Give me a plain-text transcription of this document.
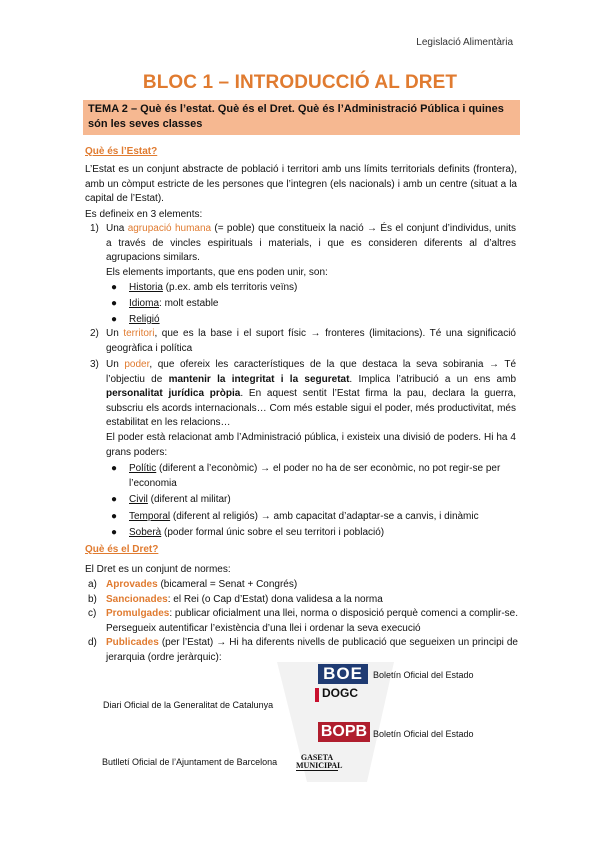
Legislació Alimentària
BLOC 1 – INTRODUCCIÓ AL DRET
TEMA 2 – Què és l’estat. Què és el Dret. Què és l’Administració Pública i quines són les seves classes
Què és l’Estat?
L’Estat es un conjunt abstracte de població i territori amb uns límits territorials definits (frontera), amb un còmput estricte de les persones que l’integren (els nacionals) i amb un centre (situat a la capital de l’Estat).
Es defineix en 3 elements:
1) Una agrupació humana (= poble) que constitueix la nació → És el conjunt d’individus, units a través de vincles espirituals i materials, i que es consideren diferents al d’altres agrupacions similars.
Els elements importants, que ens poden unir, son:
● Historia (p.ex. amb els territoris veïns)
● Idioma: molt estable
● Religió
2) Un territori, que es la base i el suport físic → fronteres (limitacions). Té una significació geogràfica i política
3) Un poder, que ofereix les característiques de la que destaca la seva sobirania → Té l’objectiu de mantenir la integritat i la seguretat. Implica l’atribució a un ens amb personalitat jurídica pròpia. En aquest sentit l’Estat firma la pau, declara la guerra, subscriu els acords internacionals… Com més estable sigui el poder, més productivitat, més estabilitat en les relacions…
El poder està relacionat amb l’Administració pública, i existeix una divisió de poders. Hi ha 4 grans poders:
● Polític (diferent a l’econòmic) → el poder no ha de ser econòmic, no pot regir-se per l’economia
● Civil (diferent al militar)
● Temporal (diferent al religiós) → amb capacitat d’adaptar-se a canvis, i dinàmic
● Soberà (poder formal únic sobre el seu territori i població)
Què és el Dret?
El Dret es un conjunt de normes:
a) Aprovades (bicameral = Senat + Congrés)
b) Sancionades: el Rei (o Cap d’Estat) dona validesa a la norma
c) Promulgades: publicar oficialment una llei, norma o disposició perquè comenci a complir-se. Persegueix autentificar l’existència d’una llei i ordenar la seva execució
d) Publicades (per l’Estat) → Hi ha diferents nivells de publicació que segueixen un principi de jerarquia (ordre jeràrquic):
BOE	Boletín Oficial del Estado
DOGC
Diari Oficial de la Generalitat de Catalunya
BOPB Boletín Oficial del Estado
GASETA MUNICIPAL
Butlletí Oficial de l’Ajuntament de Barcelona
